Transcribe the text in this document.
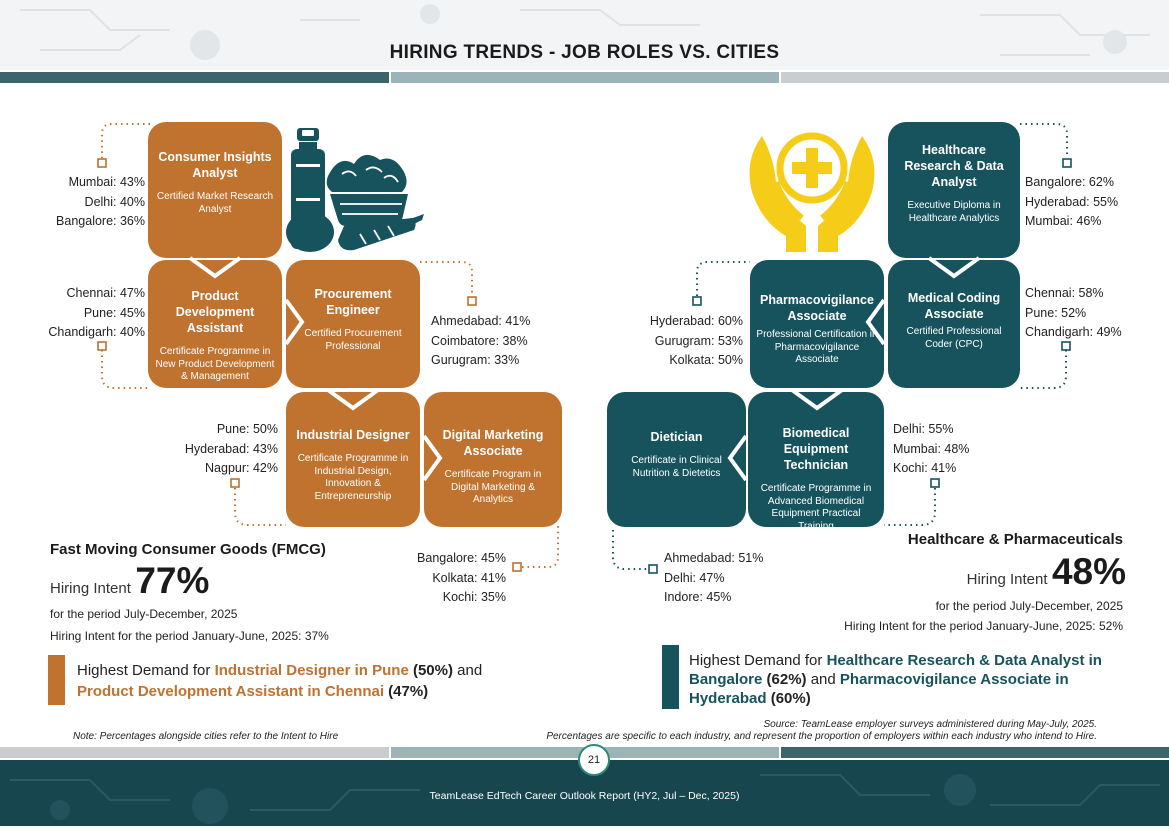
HIRING TRENDS - JOB ROLES VS. CITIES
Consumer Insights Analyst
Certified Market Research Analyst
Product Development Assistant
Certificate Programme in New Product Development & Management
Procurement Engineer
Certified Procurement Professional
Industrial Designer
Certificate Programme in Industrial Design, Innovation & Entrepreneurship
Digital Marketing Associate
Certificate Program in Digital Marketing & Analytics
Mumbai: 43%
Delhi: 40%
Bangalore: 36%
Chennai: 47%
Pune: 45%
Chandigarh: 40%
Ahmedabad: 41%
Coimbatore: 38%
Gurugram: 33%
Pune: 50%
Hyderabad: 43%
Nagpur: 42%
Bangalore: 45%
Kolkata: 41%
Kochi: 35%
Fast Moving Consumer Goods (FMCG)
Hiring Intent 77%
for the period July-December, 2025
Hiring Intent for the period January-June, 2025: 37%
Highest Demand for Industrial Designer in Pune (50%) and Product Development Assistant in Chennai (47%)
Healthcare Research & Data Analyst
Executive Diploma in Healthcare Analytics
Pharmacovigilance Associate
Professional Certification in Pharmacovigilance Associate
Medical Coding Associate
Certified Professional Coder (CPC)
Dietician
Certificate in Clinical Nutrition & Dietetics
Biomedical Equipment Technician
Certificate Programme in Advanced Biomedical Equipment Practical Training
Bangalore: 62%
Hyderabad: 55%
Mumbai: 46%
Hyderabad: 60%
Gurugram: 53%
Kolkata: 50%
Chennai: 58%
Pune: 52%
Chandigarh: 49%
Ahmedabad: 51%
Delhi: 47%
Indore: 45%
Delhi: 55%
Mumbai: 48%
Kochi: 41%
Healthcare & Pharmaceuticals
Hiring Intent 48%
for the period July-December, 2025
Hiring Intent for the period January-June, 2025: 52%
Highest Demand for Healthcare Research & Data Analyst in Bangalore (62%) and Pharmacovigilance Associate in Hyderabad (60%)
Note: Percentages alongside cities refer to the Intent to Hire
Source: TeamLease employer surveys administered during May-July, 2025.
Percentages are specific to each industry, and represent the proportion of employers within each industry who intend to Hire.
21
TeamLease EdTech Career Outlook Report (HY2, Jul – Dec, 2025)
